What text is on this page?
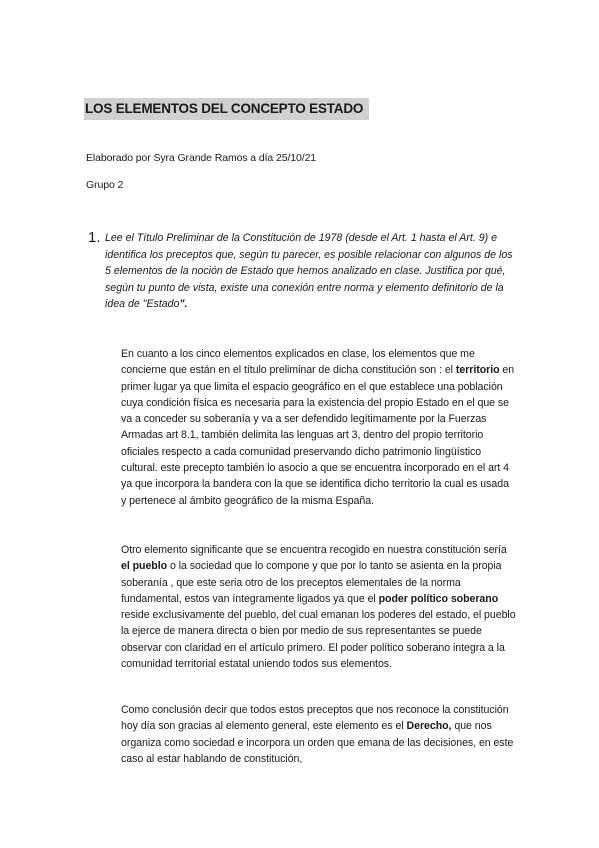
LOS ELEMENTOS DEL CONCEPTO ESTADO
Elaborado por Syra Grande Ramos a día 25/10/21
Grupo 2
1. Lee el Título Preliminar de la Constitución de 1978 (desde el Art. 1 hasta el Art. 9) e identifica los preceptos que, según tu parecer, es posible relacionar con algunos de los 5 elementos de la noción de Estado que hemos analizado en clase. Justifica por qué, según tu punto de vista, existe una conexión entre norma y elemento definitorio de la idea de "Estado".

En cuanto a los cinco elementos explicados en clase, los elementos que me concierne que están en el título preliminar de dicha constitución son : el territorio en primer lugar ya que limita el espacio geográfico en el que establece una población cuya condición física es necesaria para la existencia del propio Estado en el que se va a conceder su soberanía y va a ser defendido legítimamente por la Fuerzas Armadas art 8.1, también delimita las lenguas art 3, dentro del propio territorio oficiales respecto a cada comunidad preservando dicho patrimonio lingüístico cultural. este precepto también lo asocio a que se encuentra incorporado en el art 4 ya que incorpora la bandera con la que se identifica dicho territorio la cual es usada y pertenece al ámbito geográfico de la misma España.

Otro elemento significante que se encuentra recogido en nuestra constitución sería el pueblo o la sociedad que lo compone y que por lo tanto se asienta en la propia soberanía , que este seria otro de los preceptos elementales de la norma fundamental, estos van íntegramente ligados ya que el poder político soberano reside exclusivamente del pueblo, del cual emanan los poderes del estado, el pueblo la ejerce de manera directa o bien por medio de sus representantes se puede observar con claridad en el artículo primero. El poder político soberano integra a la comunidad territorial estatal uniendo todos sus elementos.

Como conclusión decir que todos estos preceptos que nos reconoce la constitución hoy día son gracias al elemento general, este elemento es el Derecho, que nos organiza como sociedad e incorpora un orden que emana de las decisiones, en este caso al estar hablando de constitución,
